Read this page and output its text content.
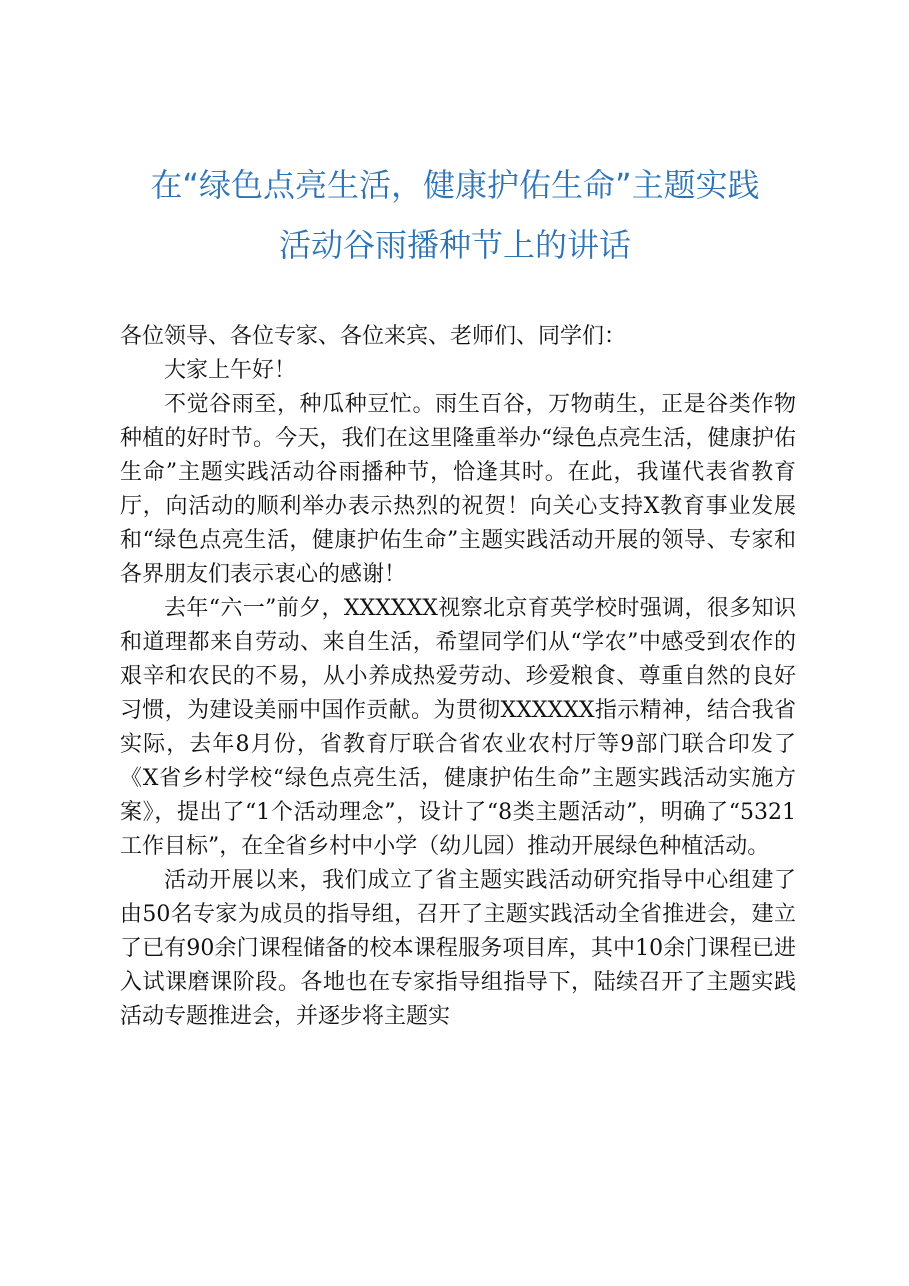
在“绿色点亮生活，健康护佑生命”主题实践
活动谷雨播种节上的讲话

各位领导、各位专家、各位来宾、老师们、同学们：

大家上午好！

不觉谷雨至，种瓜种豆忙。雨生百谷，万物萌生，正是谷类作物种植的好时节。今天，我们在这里隆重举办“绿色点亮生活，健康护佑生命”主题实践活动谷雨播种节，恰逢其时。在此，我谨代表省教育厅，向活动的顺利举办表示热烈的祝贺！向关心支持X教育事业发展和“绿色点亮生活，健康护佑生命”主题实践活动开展的领导、专家和各界朋友们表示衷心的感谢！

去年“六一”前夕，XXXXXX视察北京育英学校时强调，很多知识和道理都来自劳动、来自生活，希望同学们从“学农”中感受到农作的艰辛和农民的不易，从小养成热爱劳动、珍爱粮食、尊重自然的良好习惯，为建设美丽中国作贡献。为贯彻XXXXXX指示精神，结合我省实际，去年8月份，省教育厅联合省农业农村厅等9部门联合印发了《X省乡村学校“绿色点亮生活，健康护佑生命”主题实践活动实施方案》，提出了“1个活动理念”，设计了“8类主题活动”，明确了“5321工作目标”，在全省乡村中小学（幼儿园）推动开展绿色种植活动。

活动开展以来，我们成立了省主题实践活动研究指导中心组建了由50名专家为成员的指导组，召开了主题实践活动全省推进会，建立了已有90余门课程储备的校本课程服务项目库，其中10余门课程已进入试课磨课阶段。各地也在专家指导组指导下，陆续召开了主题实践活动专题推进会，并逐步将主题实
